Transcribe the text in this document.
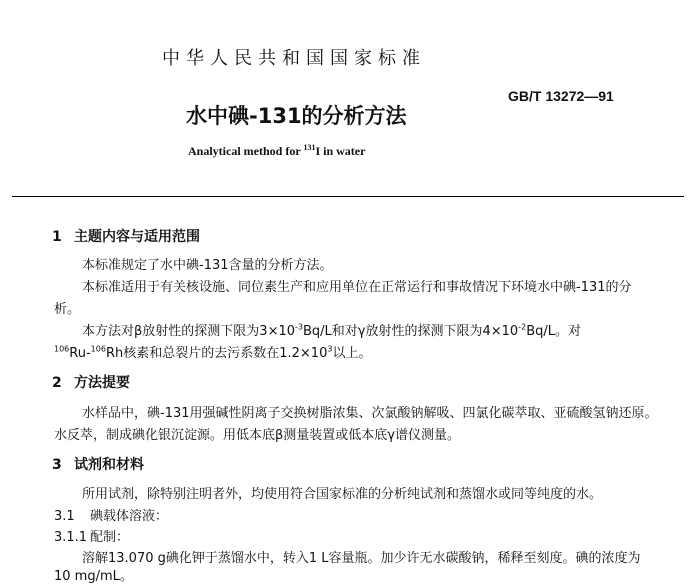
中华人民共和国国家标准

GB/T 13272—91

水中碘-131的分析方法

Analytical method for $^{131}$I in water

1 主题内容与适用范围

本标准规定了水中碘-131含量的分析方法。

本标准适用于有关核设施、同位素生产和应用单位在正常运行和事故情况下环境水中碘-131的分

析。

本方法对β放射性的探测下限为$3\times 10^{-3}Bq/L$和对γ放射性的探测下限为$4\times 10^{-2}Bq/L$。对

$^{106}$Ru-$^{106}$Rh核素和总裂片的去污系数在$1.2\times 10^3$以上。

2 方法提要

水样品中，碘-131用强碱性阴离子交换树脂浓集、次氯酸钠解吸、四氯化碳萃取、亚硫酸氢钠还原。

水反萃，制成碘化银沉淀源。用低本底β测量装置或低本底γ谱仪测量。

3 试剂和材料

所用试剂，除特别注明者外，均使用符合国家标准的分析纯试剂和蒸馏水或同等纯度的水。

3.1 碘载体溶液：

3.1.1 配制：

溶解13.070 g碘化钾于蒸馏水中，转入1 L容量瓶。加少许无水碳酸钠，稀释至刻度。碘的浓度为

10 mg/mL。
